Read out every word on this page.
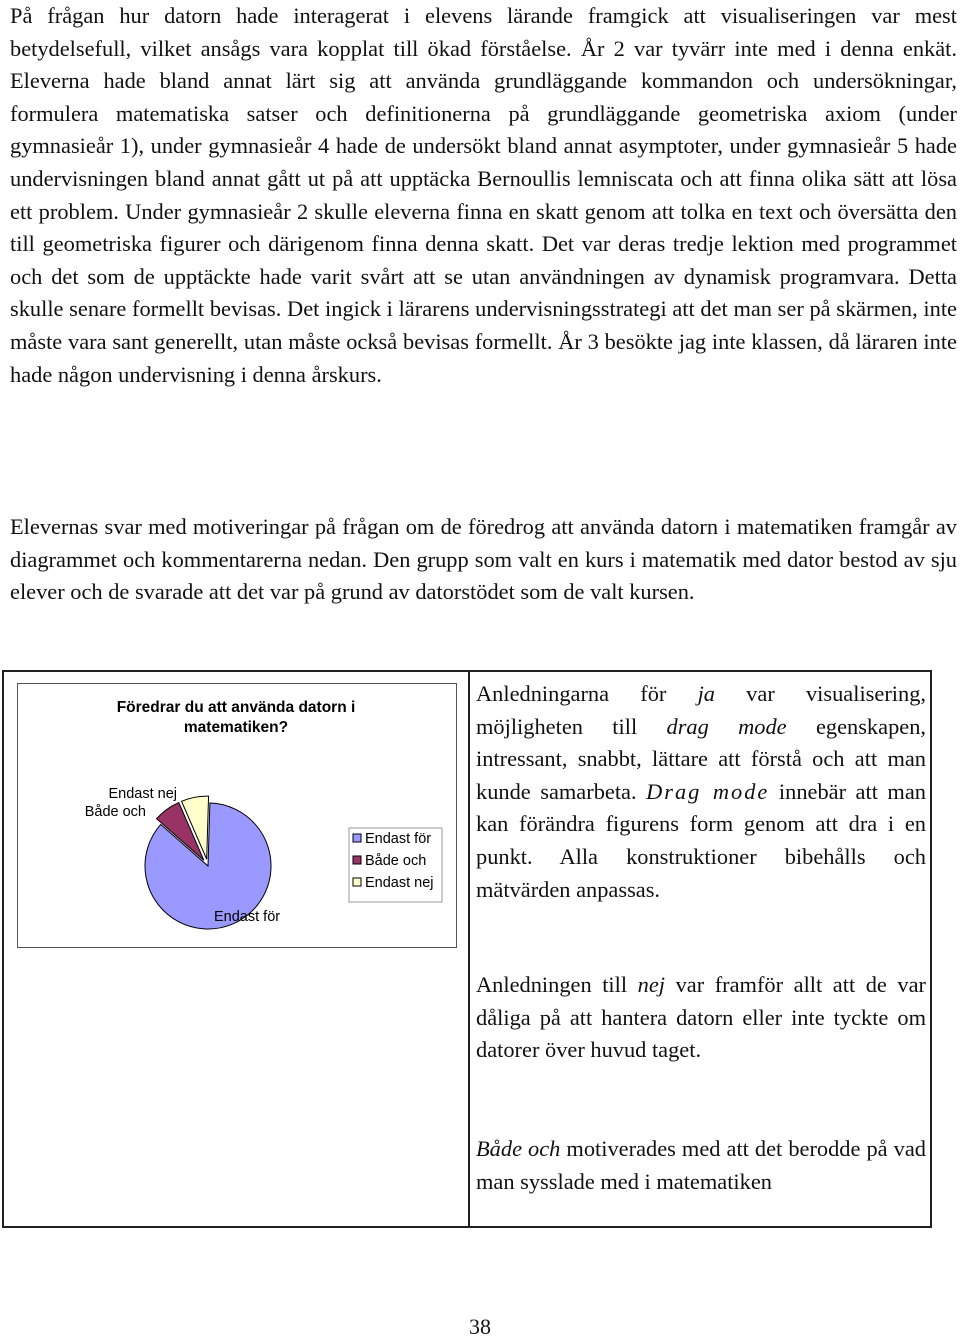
På frågan hur datorn hade interagerat i elevens lärande framgick att visualiseringen var mest betydelsefull, vilket ansågs vara kopplat till ökad förståelse. År 2 var tyvärr inte med i denna enkät. Eleverna hade bland annat lärt sig att använda grundläggande kommandon och undersökningar, formulera matematiska satser och definitionerna på grundläggande geometriska axiom (under gymnasieår 1), under gymnasieår 4 hade de undersökt bland annat asymptoter, under gymnasieår 5 hade undervisningen bland annat gått ut på att upptäcka Bernoullis lemniscata och att finna olika sätt att lösa ett problem. Under gymnasieår 2 skulle eleverna finna en skatt genom att tolka en text och översätta den till geometriska figurer och därigenom finna denna skatt. Det var deras tredje lektion med programmet och det som de upptäckte hade varit svårt att se utan användningen av dynamisk programvara. Detta skulle senare formellt bevisas. Det ingick i lärarens undervisningsstrategi att det man ser på skärmen, inte måste vara sant generellt, utan måste också bevisas formellt. År 3 besökte jag inte klassen, då läraren inte hade någon undervisning i denna årskurs.

Elevernas svar med motiveringar på frågan om de föredrog att använda datorn i matematiken framgår av diagrammet och kommentarerna nedan. Den grupp som valt en kurs i matematik med dator bestod av sju elever och de svarade att det var på grund av datorstödet som de valt kursen.

Föredrar du att använda datorn i
matematiken?
Endast för
Både och
Endast nej
Endast för
Både och
Endast nej

Anledningarna för ja var visualisering, möjligheten till drag mode egenskapen, intressant, snabbt, lättare att förstå och att man kunde samarbeta. Drag mode innebär att man kan förändra figurens form genom att dra i en punkt. Alla konstruktioner bibehålls och mätvärden anpassas.

Anledningen till nej var framför allt att de var dåliga på att hantera datorn eller inte tyckte om datorer över huvud taget.

Både och motiverades med att det berodde på vad man sysslade med i matematiken

38
